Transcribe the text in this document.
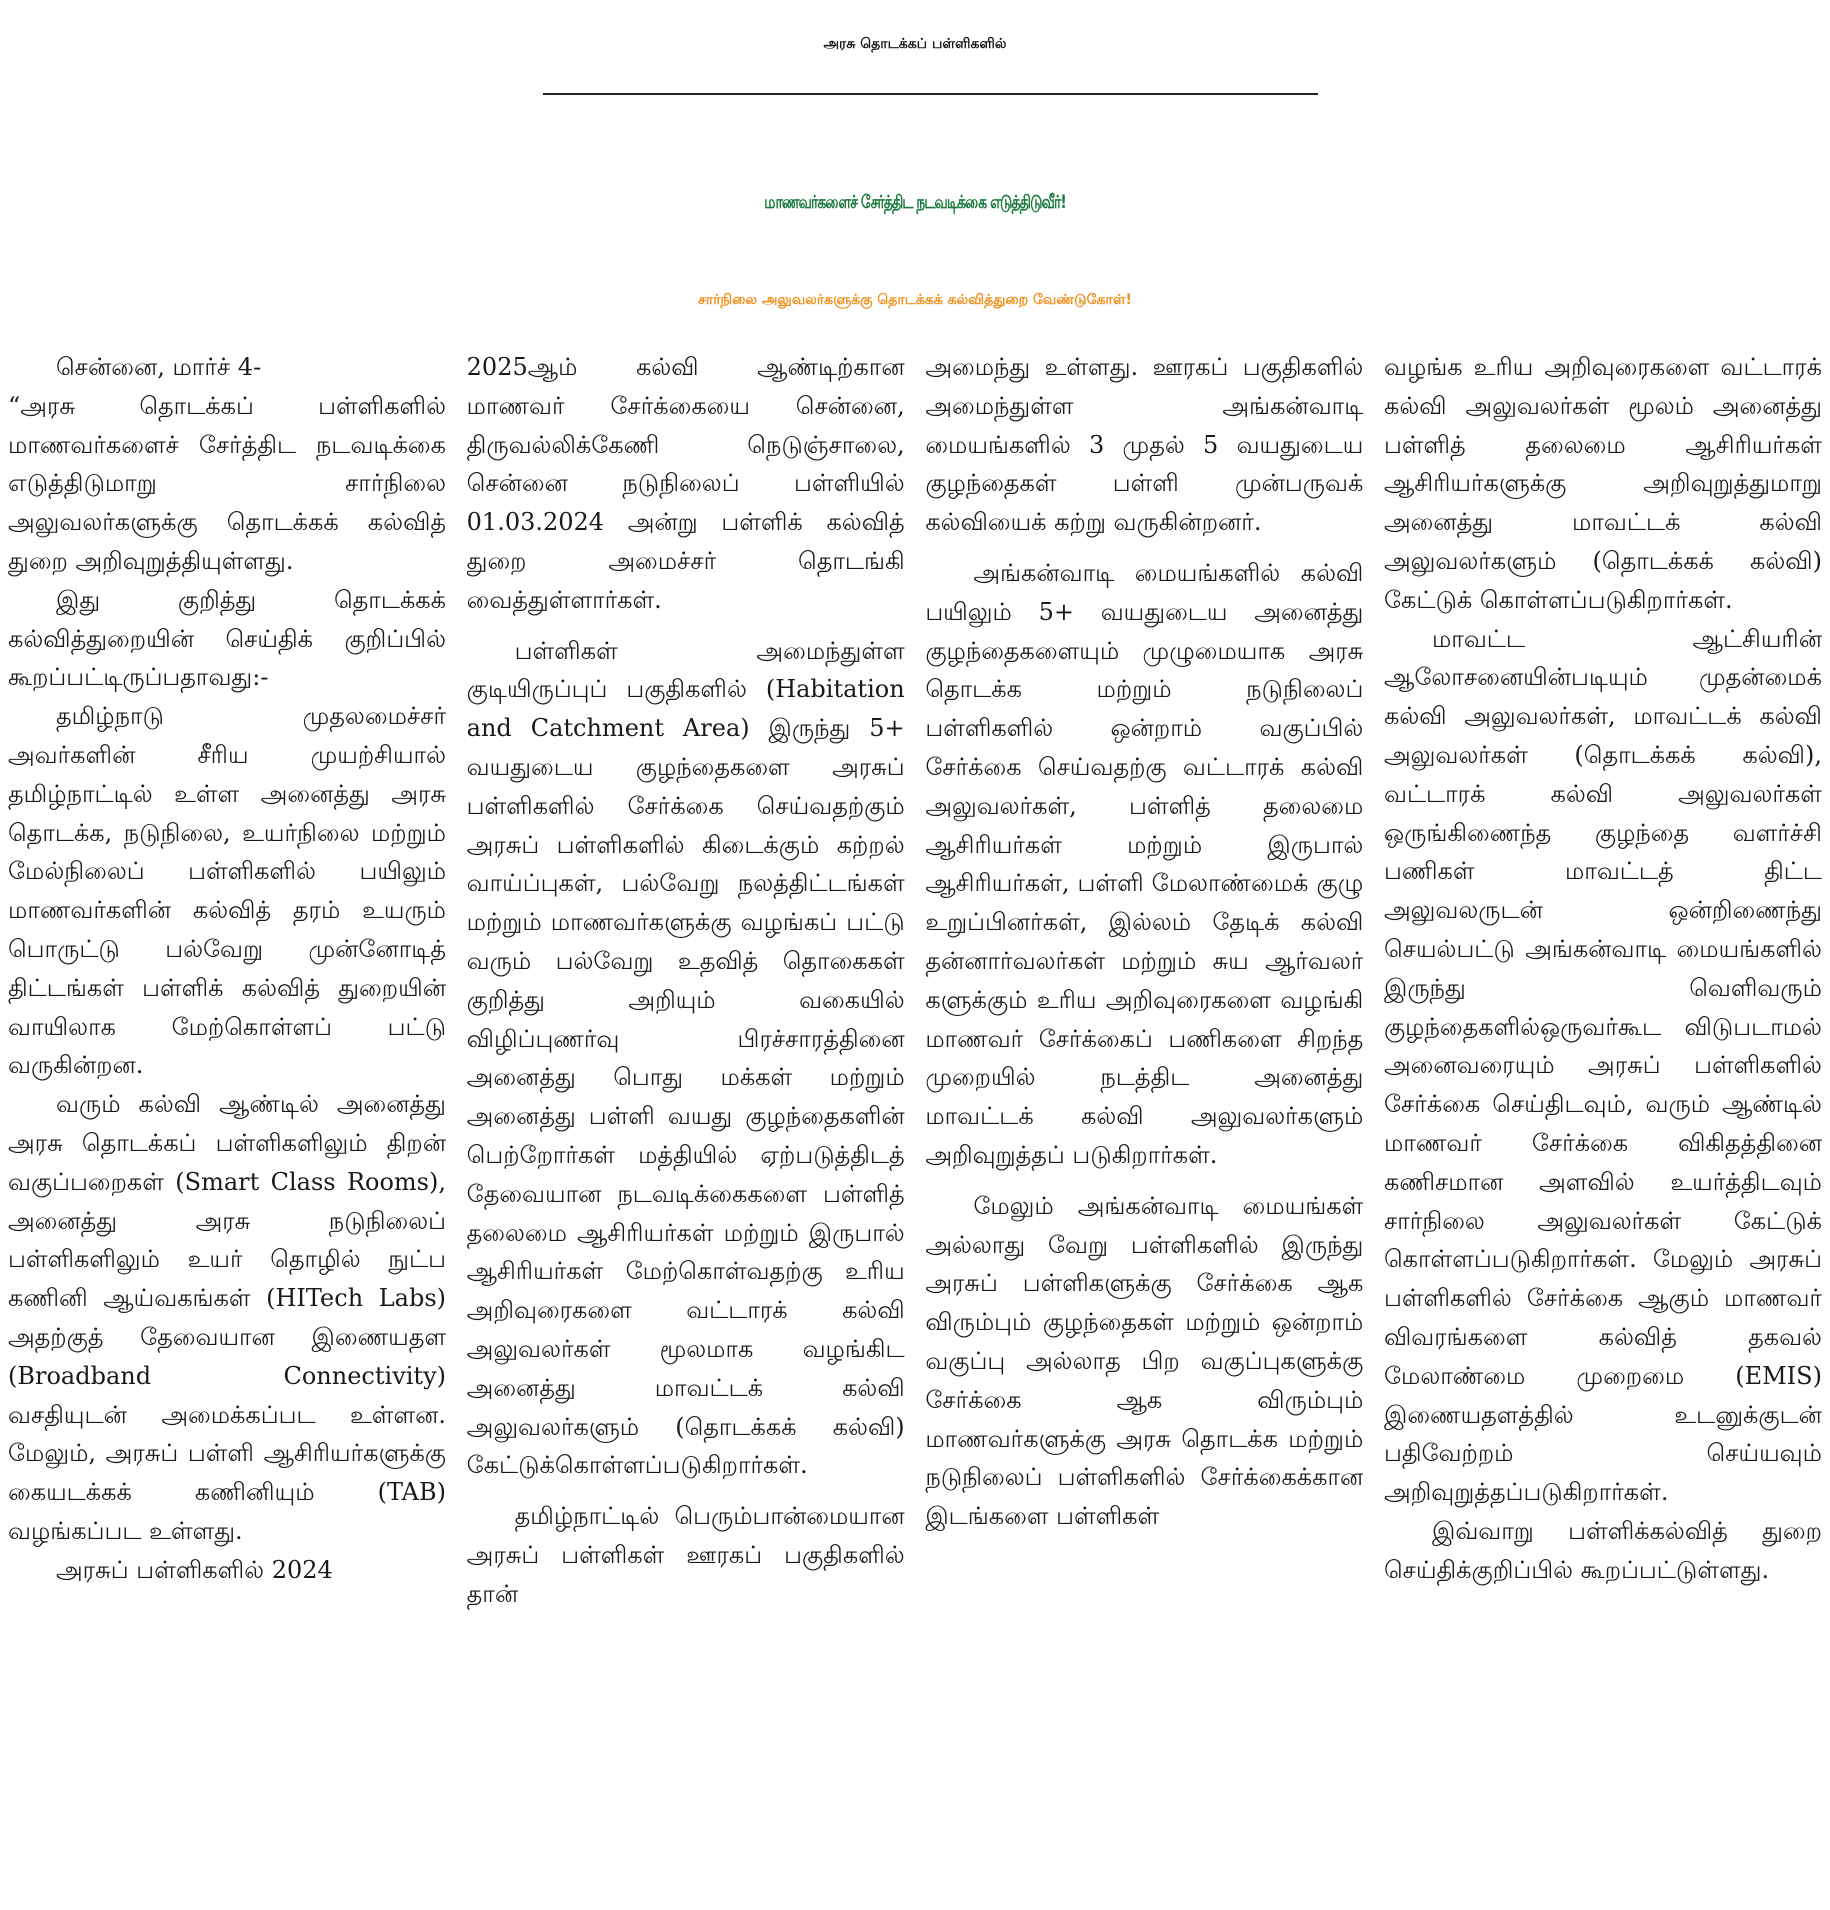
அரசு தொடக்கப் பள்ளிகளில்
மாணவர்களைச் சேர்த்திட நடவடிக்கை எடுத்திடுவீர்!
சார்நிலை அலுவலர்களுக்கு தொடக்கக் கல்வித்துறை வேண்டுகோள்!
சென்னை, மார்ச் 4-

“அரசு தொடக்கப் பள்ளிகளில் மாணவர்களைச் சேர்த்திட நடவடிக்கை எடுத்திடுமாறு சார்நிலை அலுவலர்களுக்கு தொடக்கக் கல்வித் துறை அறிவுறுத்தியுள்ளது.

இது குறித்து தொடக்கக் கல்வித்துறையின் செய்திக் குறிப்பில் கூறப்பட்டிருப்பதாவது:-

தமிழ்நாடு முதலமைச்சர் அவர்களின் சீரிய முயற்சியால் தமிழ்நாட்டில் உள்ள அனைத்து அரசு தொடக்க, நடுநிலை, உயர்நிலை மற்றும் மேல்நிலைப் பள்ளிகளில் பயிலும் மாணவர்களின் கல்வித் தரம் உயரும் பொருட்டு பல்வேறு முன்னோடித் திட்டங்கள் பள்ளிக் கல்வித் துறையின் வாயிலாக மேற்கொள்ளப் பட்டு வருகின்றன.

வரும் கல்வி ஆண்டில் அனைத்து அரசு தொடக்கப் பள்ளிகளிலும் திறன் வகுப்பறைகள் (Smart Class Rooms), அனைத்து அரசு நடுநிலைப் பள்ளிகளிலும் உயர் தொழில் நுட்ப கணினி ஆய்வகங்கள் (HITech Labs) அதற்குத் தேவையான இணையதள (Broadband Connectivity) வசதியுடன் அமைக்கப்பட உள்ளன. மேலும், அரசுப் பள்ளி ஆசிரியர்களுக்கு கையடக்கக் கணினியும் (TAB) வழங்கப்பட உள்ளது.

அரசுப் பள்ளிகளில் 2024

2025ஆம் கல்வி ஆண்டிற்கான மாணவர் சேர்க்கையை சென்னை, திருவல்லிக்கேணி நெடுஞ்சாலை, சென்னை நடுநிலைப் பள்ளியில் 01.03.2024 அன்று பள்ளிக் கல்வித் துறை அமைச்சர் தொடங்கி வைத்துள்ளார்கள்.

பள்ளிகள் அமைந்துள்ள குடியிருப்புப் பகுதிகளில் (Habitation and Catchment Area) இருந்து 5+ வயதுடைய குழந்தைகளை அரசுப் பள்ளிகளில் சேர்க்கை செய்வதற்கும் அரசுப் பள்ளிகளில் கிடைக்கும் கற்றல் வாய்ப்புகள், பல்வேறு நலத்திட்டங்கள் மற்றும் மாணவர்களுக்கு வழங்கப் பட்டு வரும் பல்வேறு உதவித் தொகைகள் குறித்து அறியும் வகையில் விழிப்புணர்வு பிரச்சாரத்தினை அனைத்து பொது மக்கள் மற்றும் அனைத்து பள்ளி வயது குழந்தைகளின் பெற்றோர்கள் மத்தியில் ஏற்படுத்திடத் தேவையான நடவடிக்கைகளை பள்ளித் தலைமை ஆசிரியர்கள் மற்றும் இருபால் ஆசிரியர்கள் மேற்கொள்வதற்கு உரிய அறிவுரைகளை வட்டாரக் கல்வி அலுவலர்கள் மூலமாக வழங்கிட அனைத்து மாவட்டக் கல்வி அலுவலர்களும் (தொடக்கக் கல்வி) கேட்டுக்கொள்ளப்படுகிறார்கள்.

தமிழ்நாட்டில் பெரும்பான்மையான அரசுப் பள்ளிகள் ஊரகப் பகுதிகளில் தான்

அமைந்து உள்ளது. ஊரகப் பகுதிகளில் அமைந்துள்ள அங்கன்வாடி மையங்களில் 3 முதல் 5 வயதுடைய குழந்தைகள் பள்ளி முன்பருவக் கல்வியைக் கற்று வருகின்றனர்.

அங்கன்வாடி மையங்களில் கல்வி பயிலும் 5+ வயதுடைய அனைத்து குழந்தைகளையும் முழுமையாக அரசு தொடக்க மற்றும் நடுநிலைப் பள்ளிகளில் ஒன்றாம் வகுப்பில் சேர்க்கை செய்வதற்கு வட்டாரக் கல்வி அலுவலர்கள், பள்ளித் தலைமை ஆசிரியர்கள் மற்றும் இருபால் ஆசிரியர்கள், பள்ளி மேலாண்மைக் குழு உறுப்பினர்கள், இல்லம் தேடிக் கல்வி தன்னார்வலர்கள் மற்றும் சுய ஆர்வலர் களுக்கும் உரிய அறிவுரைகளை வழங்கி மாணவர் சேர்க்கைப் பணிகளை சிறந்த முறையில் நடத்திட அனைத்து மாவட்டக் கல்வி அலுவலர்களும் அறிவுறுத்தப் படுகிறார்கள்.

மேலும் அங்கன்வாடி மையங்கள் அல்லாது வேறு பள்ளிகளில் இருந்து அரசுப் பள்ளிகளுக்கு சேர்க்கை ஆக விரும்பும் குழந்தைகள் மற்றும் ஒன்றாம் வகுப்பு அல்லாத பிற வகுப்புகளுக்கு சேர்க்கை ஆக விரும்பும் மாணவர்களுக்கு அரசு தொடக்க மற்றும் நடுநிலைப் பள்ளிகளில் சேர்க்கைக்கான இடங்களை பள்ளிகள்

வழங்க உரிய அறிவுரைகளை வட்டாரக் கல்வி அலுவலர்கள் மூலம் அனைத்து பள்ளித் தலைமை ஆசிரியர்கள் ஆசிரியர்களுக்கு அறிவுறுத்துமாறு அனைத்து மாவட்டக் கல்வி அலுவலர்களும் (தொடக்கக் கல்வி) கேட்டுக் கொள்ளப்படுகிறார்கள்.

மாவட்ட ஆட்சியரின் ஆலோசனையின்படியும் முதன்மைக் கல்வி அலுவலர்கள், மாவட்டக் கல்வி அலுவலர்கள் (தொடக்கக் கல்வி), வட்டாரக் கல்வி அலுவலர்கள் ஒருங்கிணைந்த குழந்தை வளர்ச்சி பணிகள் மாவட்டத் திட்ட அலுவலருடன் ஒன்றிணைந்து செயல்பட்டு அங்கன்வாடி மையங்களில் இருந்து வெளிவரும் குழந்தைகளில்ஒருவர்கூட விடுபடாமல் அனைவரையும் அரசுப் பள்ளிகளில் சேர்க்கை செய்திடவும், வரும் ஆண்டில் மாணவர் சேர்க்கை விகிதத்தினை கணிசமான அளவில் உயர்த்திடவும் சார்நிலை அலுவலர்கள் கேட்டுக் கொள்ளப்படுகிறார்கள். மேலும் அரசுப் பள்ளிகளில் சேர்க்கை ஆகும் மாணவர் விவரங்களை கல்வித் தகவல் மேலாண்மை முறைமை (EMIS) இணையதளத்தில் உடனுக்குடன் பதிவேற்றம் செய்யவும் அறிவுறுத்தப்படுகிறார்கள்.

இவ்வாறு பள்ளிக்கல்வித் துறை செய்திக்குறிப்பில் கூறப்பட்டுள்ளது.
